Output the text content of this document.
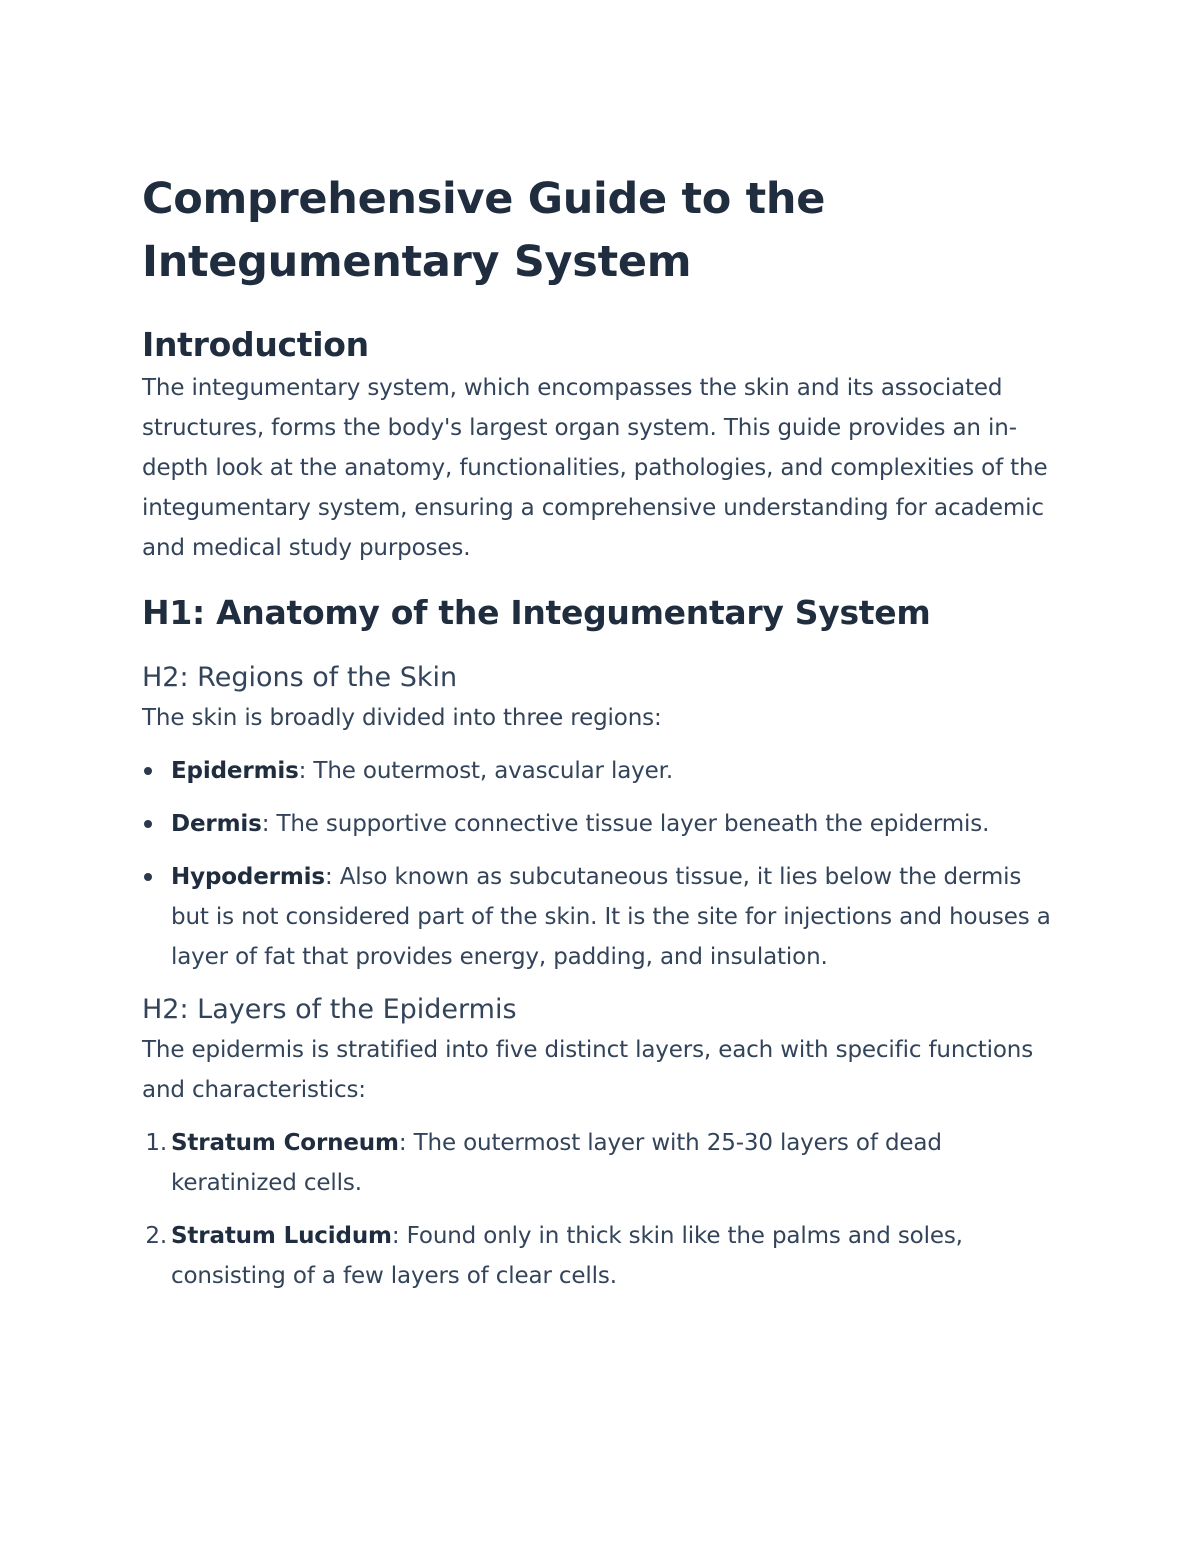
Comprehensive Guide to the Integumentary System
Introduction

The integumentary system, which encompasses the skin and its associated structures, forms the body's largest organ system. This guide provides an in-depth look at the anatomy, functionalities, pathologies, and complexities of the integumentary system, ensuring a comprehensive understanding for academic and medical study purposes.

H1: Anatomy of the Integumentary System
H2: Regions of the Skin

The skin is broadly divided into three regions:

Epidermis: The outermost, avascular layer.
Dermis: The supportive connective tissue layer beneath the epidermis.
Hypodermis: Also known as subcutaneous tissue, it lies below the dermis but is not considered part of the skin. It is the site for injections and houses a layer of fat that provides energy, padding, and insulation.
H2: Layers of the Epidermis

The epidermis is stratified into five distinct layers, each with specific functions and characteristics:

1. Stratum Corneum: The outermost layer with 25-30 layers of dead keratinized cells.
2. Stratum Lucidum: Found only in thick skin like the palms and soles, consisting of a few layers of clear cells.
